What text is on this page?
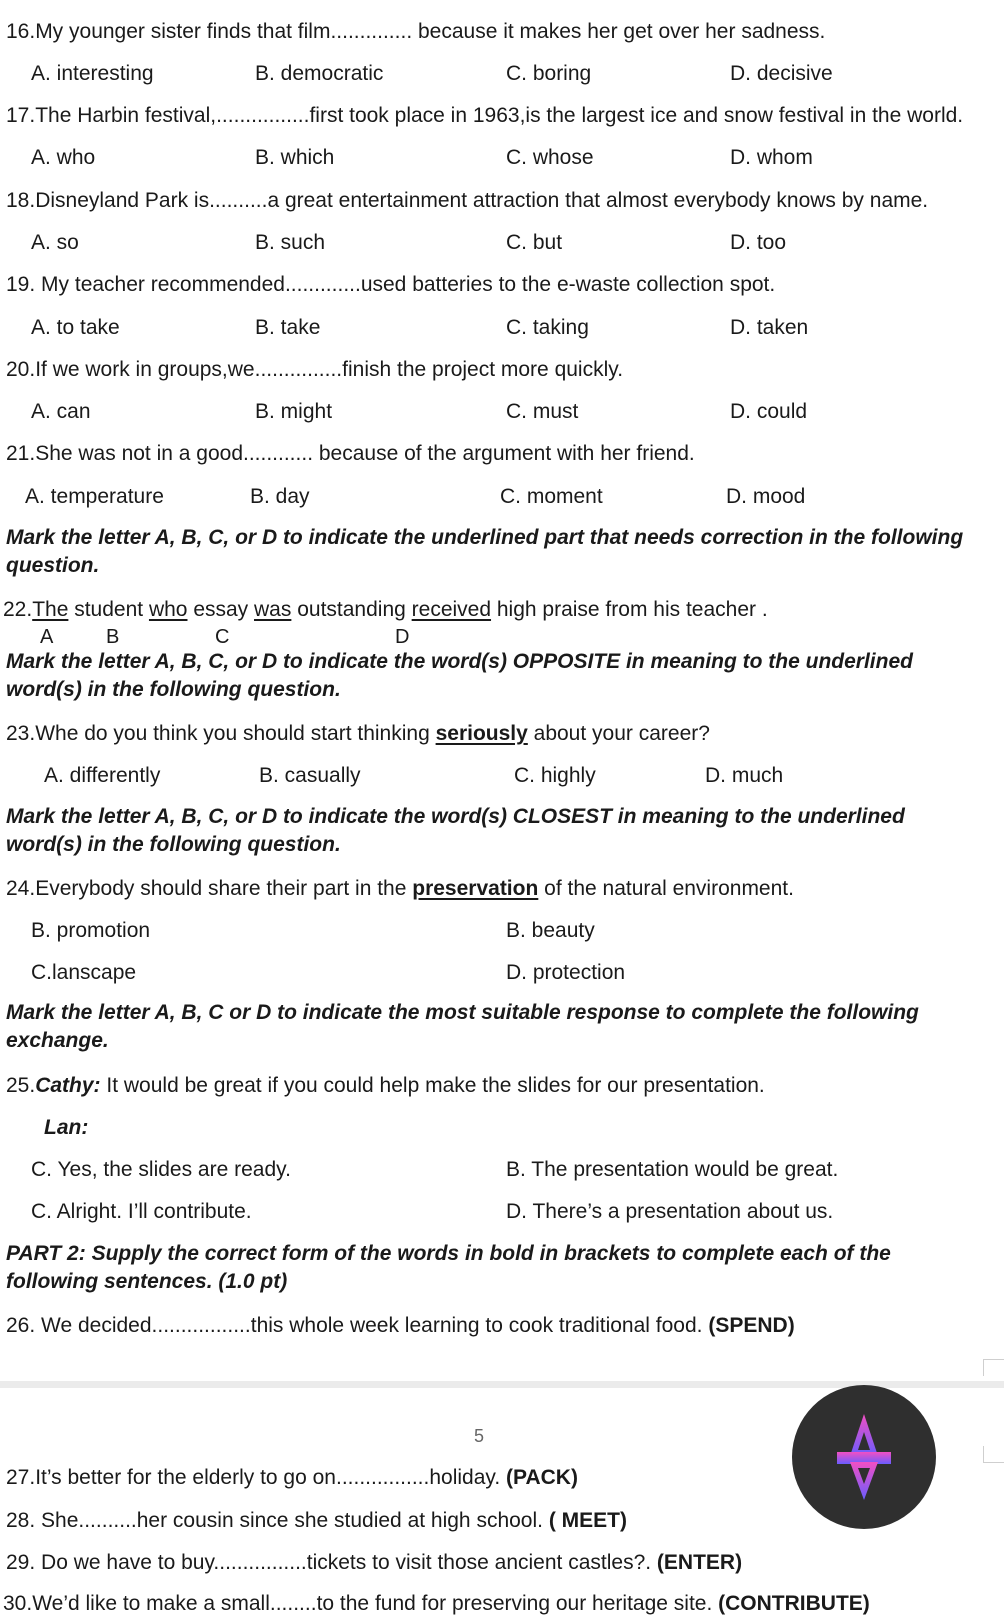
16.My younger sister finds that film.............. because it makes her get over her sadness.
A. interesting	B. democratic	C. boring	D. decisive
17.The Harbin festival,................first took place in 1963,is the largest ice and snow festival in the world.
A. who	B. which	C. whose	D. whom
18.Disneyland Park is..........a great entertainment attraction that almost everybody knows by name.
A. so	B. such	C. but	D. too
19. My teacher recommended.............used batteries to the e-waste collection spot.
A. to take	B. take	C. taking	D. taken
20.If we work in groups,we...............finish the project more quickly.
A. can	B. might	C. must	D. could
21.She was not in a good............ because of the argument with her friend.
A. temperature	B. day	C. moment	D. mood
Mark the letter A, B, C, or D to indicate the underlined part that needs correction in the following question.
22.The student who essay was outstanding received high praise from his teacher .
A	B	C	D
Mark the letter A, B, C, or D to indicate the word(s) OPPOSITE in meaning to the underlined word(s) in the following question.
23.Whe do you think you should start thinking seriously about your career?
A. differently	B. casually	C. highly	D. much
Mark the letter A, B, C, or D to indicate the word(s) CLOSEST in meaning to the underlined word(s) in the following question.
24.Everybody should share their part in the preservation of the natural environment.
B. promotion	B. beauty
C.lanscape	D. protection
Mark the letter A, B, C or D to indicate the most suitable response to complete the following exchange.
25.Cathy: It would be great if you could help make the slides for our presentation.
Lan:
C. Yes, the slides are ready.	B. The presentation would be great.
C. Alright. I’ll contribute.	D. There’s a presentation about us.
PART 2: Supply the correct form of the words in bold in brackets to complete each of the following sentences. (1.0 pt)
26. We decided.................this whole week learning to cook traditional food. (SPEND)
5
27.It’s better for the elderly to go on................holiday. (PACK)
28. She..........her cousin since she studied at high school. ( MEET)
29. Do we have to buy................tickets to visit those ancient castles?. (ENTER)
30.We’d like to make a small........to the fund for preserving our heritage site. (CONTRIBUTE)
